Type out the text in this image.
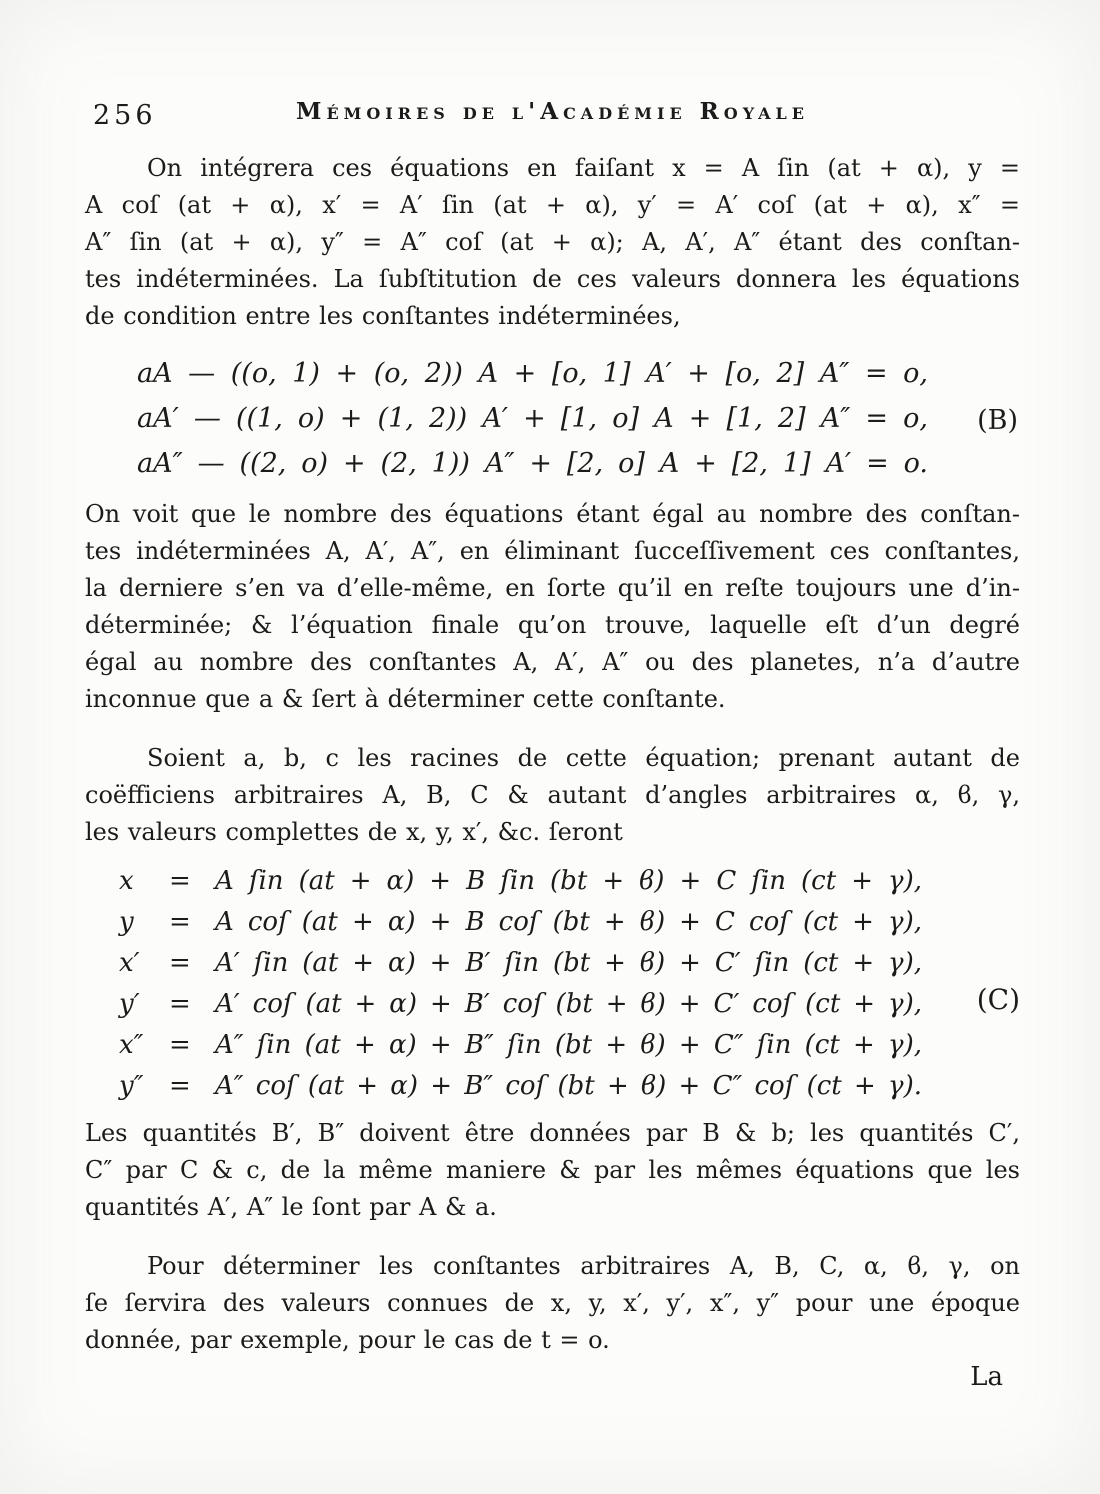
256	Mémoires de l'Académie Royale
On intégrera ces équations en faiſant x = A ſin (at + α), y =
A coſ (at + α), x′ = A′ ſin (at + α), y′ = A′ coſ (at + α), x″ =
A″ ſin (at + α), y″ = A″ coſ (at + α); A, A′, A″ étant des conſtan-
tes indéterminées. La ſubſtitution de ces valeurs donnera les équations
de condition entre les conſtantes indéterminées,
aA — ((o, 1) + (o, 2)) A + [o, 1] A′ + [o, 2] A″ = o,
aA′ — ((1, o) + (1, 2)) A′ + [1, o] A + [1, 2] A″ = o,
aA″ — ((2, o) + (2, 1)) A″ + [2, o] A + [2, 1] A′ = o.
(B)
On voit que le nombre des équations étant égal au nombre des conſtan-
tes indéterminées A, A′, A″, en éliminant ſucceſſivement ces conſtantes,
la derniere s’en va d’elle-même, en ſorte qu’il en reſte toujours une d’in-
déterminée; & l’équation finale qu’on trouve, laquelle eſt d’un degré
égal au nombre des conſtantes A, A′, A″ ou des planetes, n’a d’autre
inconnue que a & ſert à déterminer cette conſtante.
Soient a, b, c les racines de cette équation; prenant autant de
coëfficiens arbitraires A, B, C & autant d’angles arbitraires α, ϐ, γ,
les valeurs complettes de x, y, x′, &c. ſeront
x	= A ſin (at + α) + B ſin (bt + ϐ) + C ſin (ct + γ),
y	= A coſ (at + α) + B coſ (bt + ϐ) + C coſ (ct + γ),
x′	= A′ ſin (at + α) + B′ ſin (bt + ϐ) + C′ ſin (ct + γ),
y′	= A′ coſ (at + α) + B′ coſ (bt + ϐ) + C′ coſ (ct + γ),
x″ = A″ ſin (at + α) + B″ ſin (bt + ϐ) + C″ ſin (ct + γ),
y″ = A″ coſ (at + α) + B″ coſ (bt + ϐ) + C″ coſ (ct + γ).
(C)
Les quantités B′, B″ doivent être données par B & b; les quantités C′,
C″ par C & c, de la même maniere & par les mêmes équations que les
quantités A′, A″ le ſont par A & a.
Pour déterminer les conſtantes arbitraires A, B, C, α, ϐ, γ, on
ſe ſervira des valeurs connues de x, y, x′, y′, x″, y″ pour une époque
donnée, par exemple, pour le cas de t = o.
La
